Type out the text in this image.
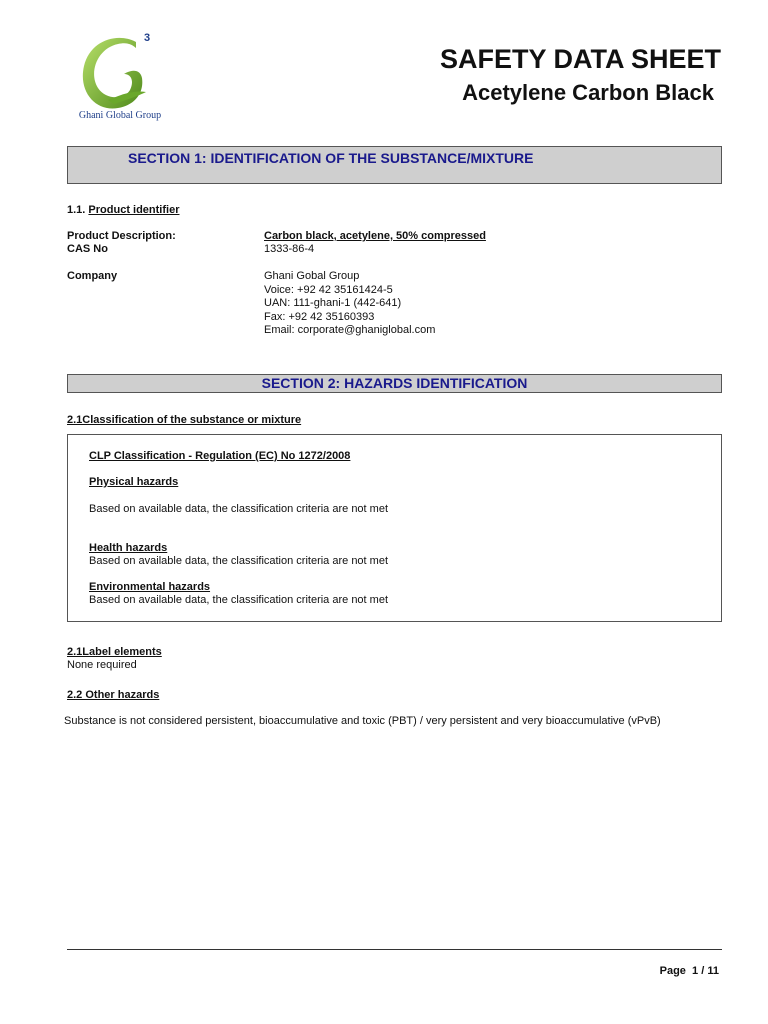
3
Ghani Global Group
SAFETY DATA SHEET
Acetylene Carbon Black
SECTION 1: IDENTIFICATION OF THE SUBSTANCE/MIXTURE
1.1. Product identifier
Product Description:	Carbon black, acetylene, 50% compressed
CAS No	1333-86-4
Company	Ghani Gobal Group
Voice: +92 42 35161424-5
UAN: 111-ghani-1 (442-641)
Fax: +92 42 35160393
Email: corporate@ghaniglobal.com
SECTION 2: HAZARDS IDENTIFICATION
2.1Classification of the substance or mixture
CLP Classification - Regulation (EC) No 1272/2008
Physical hazards
Based on available data, the classification criteria are not met
Health hazards
Based on available data, the classification criteria are not met
Environmental hazards
Based on available data, the classification criteria are not met
2.1Label elements
None required
2.2 Other hazards
Substance is not considered persistent, bioaccumulative and toxic (PBT) / very persistent and very bioaccumulative (vPvB)
Page 1 / 11
